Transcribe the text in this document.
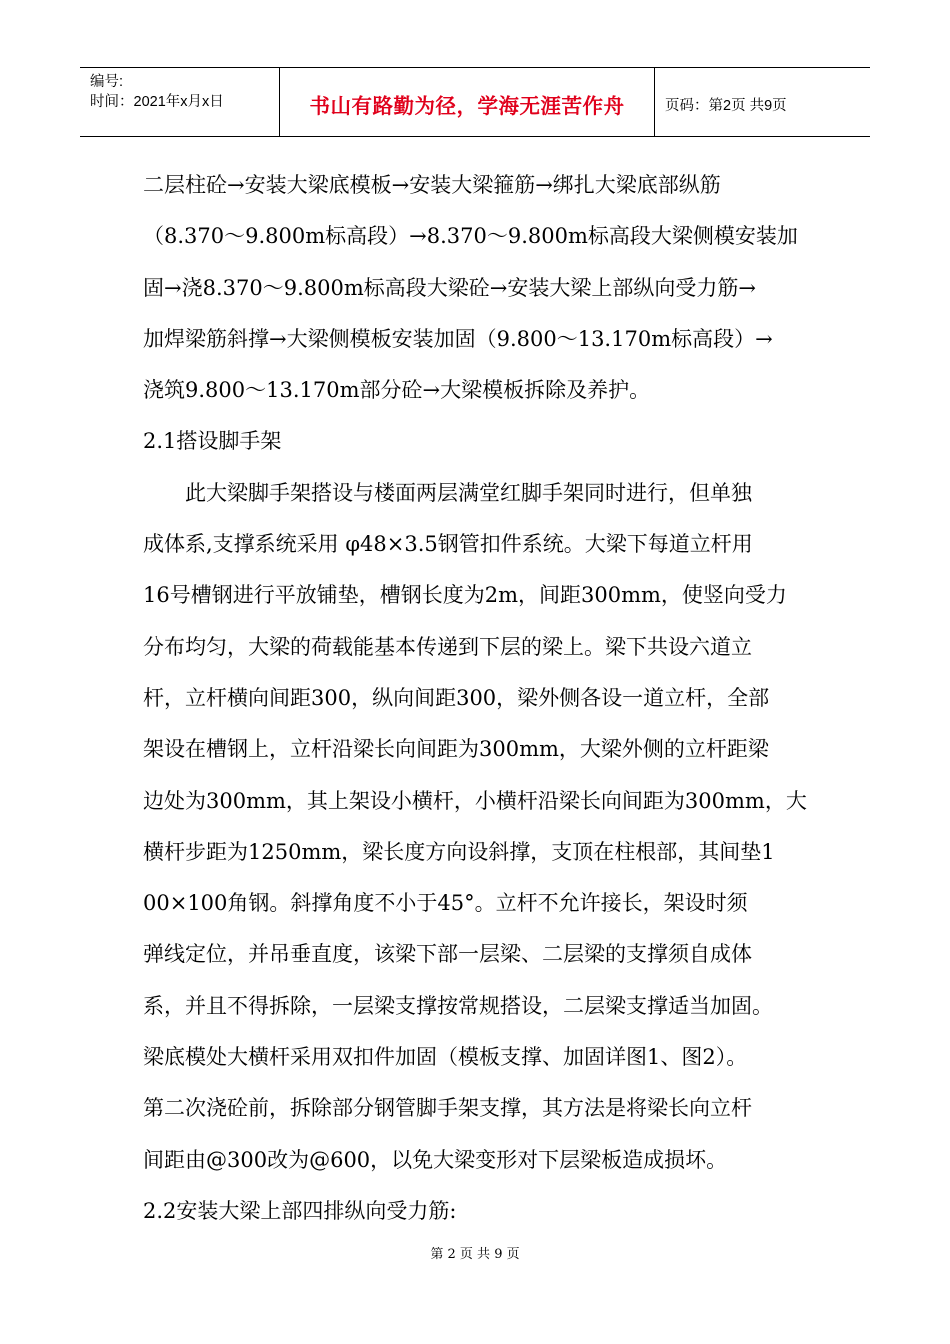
编号:
时间：2021年x月x日	书山有路勤为径，学海无涯苦作舟	页码：第2页 共9页

二层柱砼→安装大梁底模板→安装大梁箍筋→绑扎大梁底部纵筋

（8.370～9.800m标高段）→8.370～9.800m标高段大梁侧模安装加

固→浇8.370～9.800m标高段大梁砼→安装大梁上部纵向受力筋→

加焊梁筋斜撑→大梁侧模板安装加固（9.800～13.170m标高段）→

浇筑9.800～13.170m部分砼→大梁模板拆除及养护。

2.1搭设脚手架

此大梁脚手架搭设与楼面两层满堂红脚手架同时进行，但单独

成体系,支撑系统采用 φ48×3.5钢管扣件系统。大梁下每道立杆用

16号槽钢进行平放铺垫，槽钢长度为2m，间距300mm，使竖向受力

分布均匀，大梁的荷载能基本传递到下层的梁上。梁下共设六道立

杆，立杆横向间距300，纵向间距300，梁外侧各设一道立杆，全部

架设在槽钢上，立杆沿梁长向间距为300mm，大梁外侧的立杆距梁

边处为300mm，其上架设小横杆，小横杆沿梁长向间距为300mm，大

横杆步距为1250mm，梁长度方向设斜撑，支顶在柱根部，其间垫1

00×100角钢。斜撑角度不小于45°。立杆不允许接长，架设时须

弹线定位，并吊垂直度，该梁下部一层梁、二层梁的支撑须自成体

系，并且不得拆除，一层梁支撑按常规搭设，二层梁支撑适当加固。

梁底模处大横杆采用双扣件加固（模板支撑、加固详图1、图2）。

第二次浇砼前，拆除部分钢管脚手架支撑，其方法是将梁长向立杆

间距由@300改为@600，以免大梁变形对下层梁板造成损坏。

2.2安装大梁上部四排纵向受力筋:

第 2 页 共 9 页
